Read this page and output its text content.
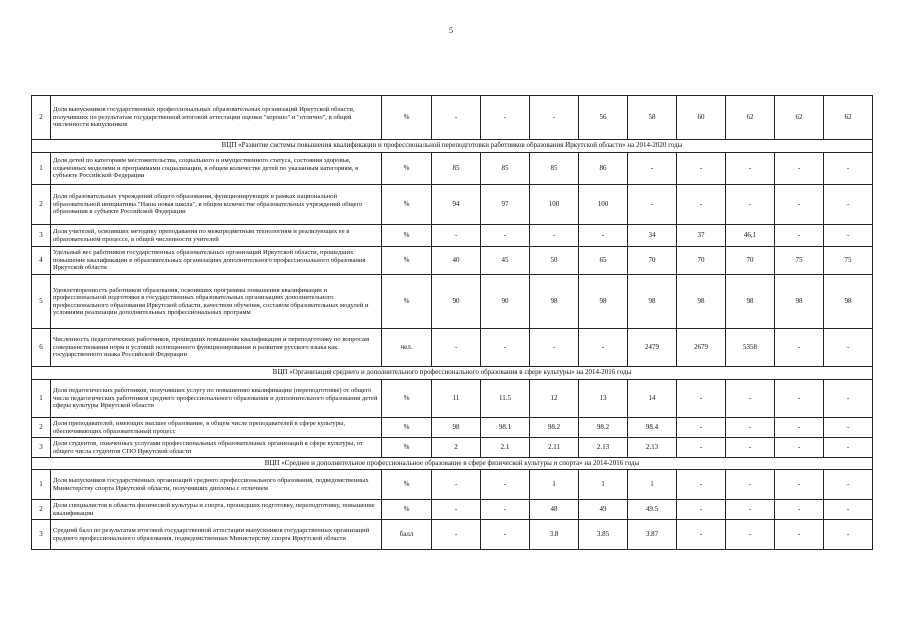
5
2	Доля выпускников государственных профессиональных образовательных организаций Иркутской области, получивших по результатам государственной итоговой аттестации оценки "хорошо" и "отлично", в общей численности выпускников	%	-	-	-	56	58	60	62	62	62
ВЦП «Развитие системы повышения квалификации и профессиональной переподготовки работников образования Иркутской области» на 2014-2020 годы											
1	Доля детей по категориям местожительства, социального и имущественного статуса, состояния здоровья, охваченных моделями и программами социализации, в общем количестве детей по указанным категориям, в субъекте Российской Федерации	%	85	85	85	86	-	-	-	-	-
2	Доля образовательных учреждений общего образования, функционирующих в рамках национальной образовательной инициативы "Наша новая школа", в общем количестве образовательных учреждений общего образования в субъекте Российской Федерации	%	94	97	100	100	-	-	-	-	-
3	Доля учителей, освоивших методику преподавания по межпредметным технологиям и реализующих ее в образовательном процессе, в общей численности учителей	%	-	-	-	-	34	37	46,1	-	-
4	Удельный вес работников государственных образовательных организаций Иркутской области, прошедших повышение квалификации в образовательных организациях дополнительного профессионального образования Иркутской области	%	40	45	50	65	70	70	70	75	75
5	Удовлетворенность работников образования, освоивших программы повышения квалификации и профессиональной подготовки в государственных образовательных организациях дополнительного профессионального образования Иркутской области, качеством обучения, составом образовательных модулей и условиями реализации дополнительных профессиональных программ	%	90	90	98	98	98	98	98	98	98
6	Численность педагогических работников, прошедших повышение квалификации и переподготовку по вопросам совершенствования норм и условий полноценного функционирования и развития русского языка как государственного языка Российской Федерации	чел.	-	-	-	-	2479	2679	5358	-	-
ВЦП «Организация среднего и дополнительного профессионального образования в сфере культуры» на 2014-2016 годы											
1	Доля педагогических работников, получивших услугу по повышению квалификации (переподготовке) от общего числа педагогических работников среднего профессионального образования и дополнительного образования детей сферы культуры Иркутской области	%	11	11.5	12	13	14	-	-	-	-
2	Доля преподавателей, имеющих высшее образование, в общем числе преподавателей в сфере культуры, обеспечивающих образовательный процесс	%	98	98.1	98.2	98.2	98.4	-	-	-	-
3	Доля студентов, охваченных услугами профессиональных образовательных организаций в сфере культуры, от общего числа студентов СПО Иркутской области	%	2	2.1	2.11	2.13	2.13	-	-	-	-
ВЦП «Среднее и дополнительное профессиональное образование в сфере физической культуры и спорта» на 2014-2016 годы											
1	Доля выпускников государственных организаций среднего профессионального образования, подведомственных Министерству спорта Иркутской области, получивших дипломы с отличием	%	-	-	1	1	1	-	-	-	-
2	Доля специалистов в области физической культуры и спорта, прошедших подготовку, переподготовку, повышение квалификации	%	-	-	48	49	49.5	-	-	-	-
3	Средний балл по результатам итоговой государственной аттестации выпускников государственных организаций среднего профессионального образования, подведомственных Министерству спорта Иркутской области	балл	-	-	3.8	3.85	3.87	-	-	-	-
